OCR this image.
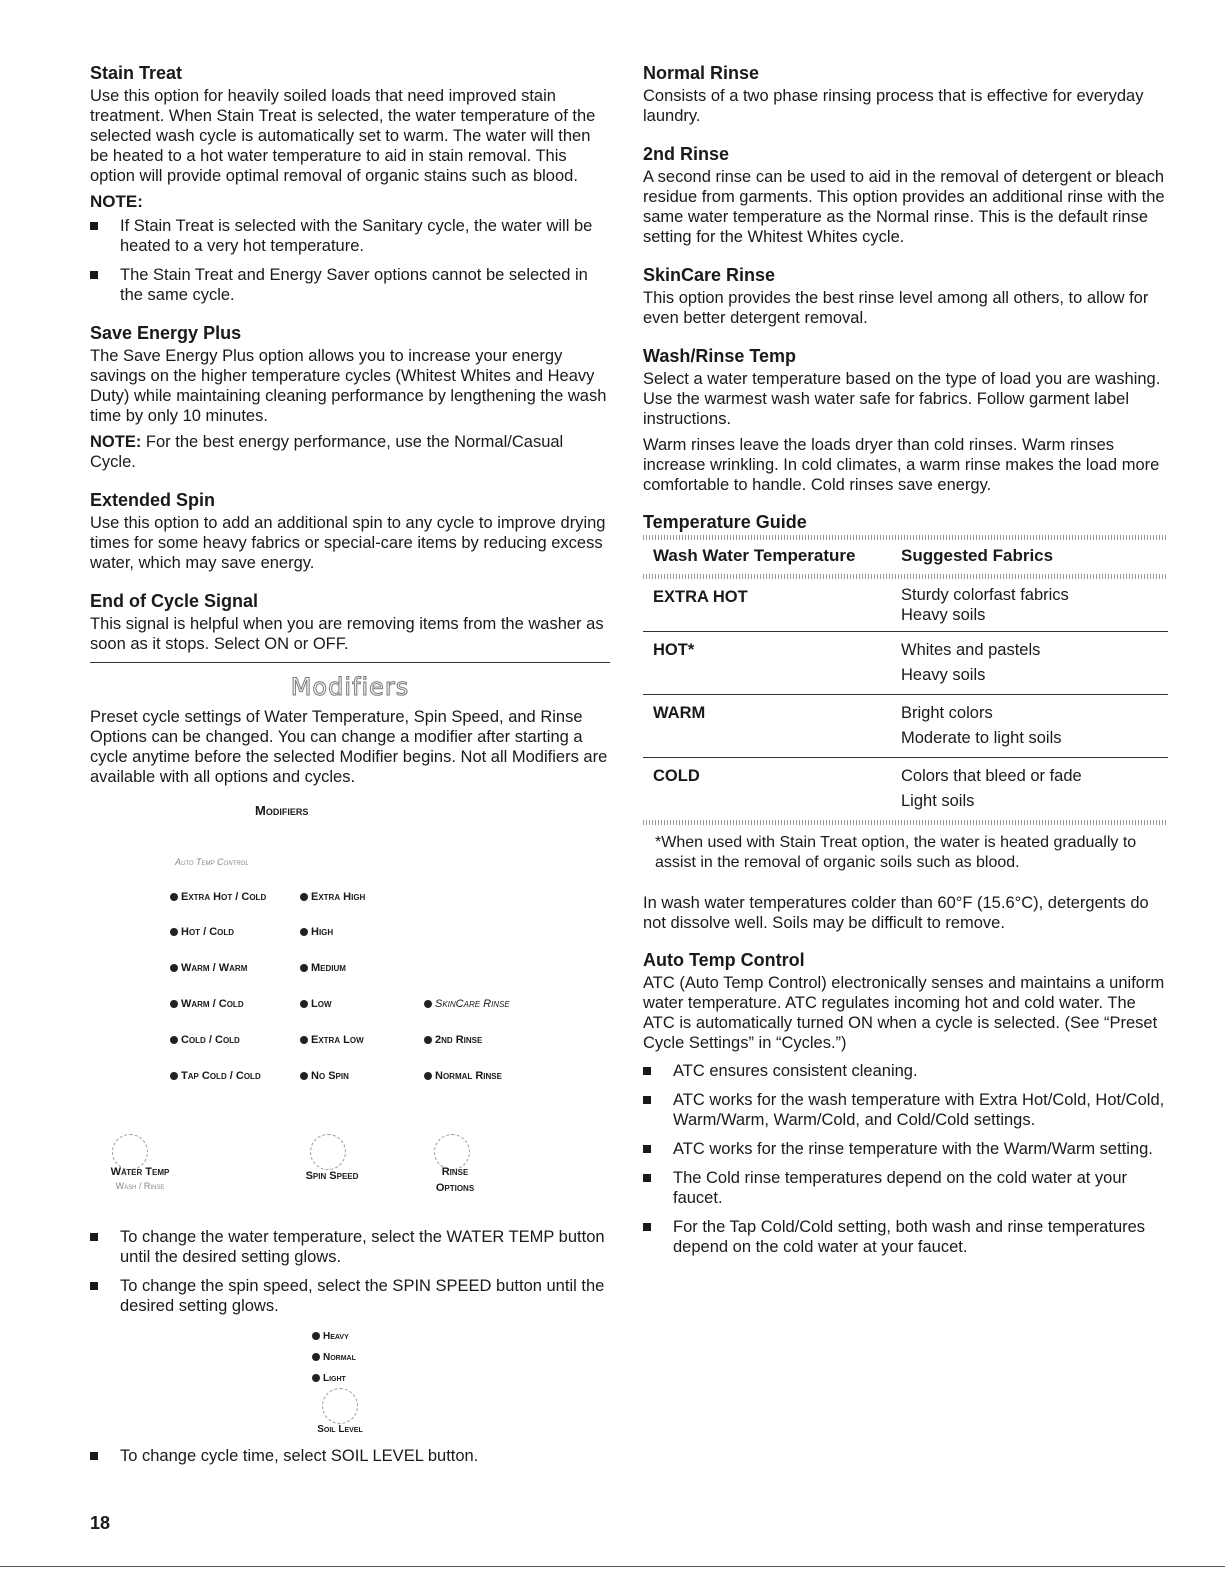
Stain Treat

Use this option for heavily soiled loads that need improved stain treatment. When Stain Treat is selected, the water temperature of the selected wash cycle is automatically set to warm. The water will then be heated to a hot water temperature to aid in stain removal. This option will provide optimal removal of organic stains such as blood.

NOTE:
If Stain Treat is selected with the Sanitary cycle, the water will be heated to a very hot temperature.
The Stain Treat and Energy Saver options cannot be selected in the same cycle.
Save Energy Plus

The Save Energy Plus option allows you to increase your energy savings on the higher temperature cycles (Whitest Whites and Heavy Duty) while maintaining cleaning performance by lengthening the wash time by only 10 minutes.

NOTE: For the best energy performance, use the Normal/Casual Cycle.

Extended Spin

Use this option to add an additional spin to any cycle to improve drying times for some heavy fabrics or special-care items by reducing excess water, which may save energy.

End of Cycle Signal

This signal is helpful when you are removing items from the washer as soon as it stops. Select ON or OFF.

Modifiers

Preset cycle settings of Water Temperature, Spin Speed, and Rinse Options can be changed. You can change a modifier after starting a cycle anytime before the selected Modifier begins. Not all Modifiers are available with all options and cycles.

Modifiers
Auto Temp Control
Extra Hot / Cold
Hot / Cold
Warm / Warm
Warm / Cold
Cold / Cold
Tap Cold / Cold
Extra High
High
Medium
Low
Extra Low
No Spin
SkinCare Rinse
2nd Rinse
Normal Rinse
Water Temp
Wash / Rinse
Spin Speed	Rinse
Options
To change the water temperature, select the WATER TEMP button until the desired setting glows.
To change the spin speed, select the SPIN SPEED button until the desired setting glows.
Heavy
Normal
Light
Soil Level
To change cycle time, select SOIL LEVEL button.
Normal Rinse

Consists of a two phase rinsing process that is effective for everyday laundry.

2nd Rinse

A second rinse can be used to aid in the removal of detergent or bleach residue from garments. This option provides an additional rinse with the same water temperature as the Normal rinse. This is the default rinse setting for the Whitest Whites cycle.

SkinCare Rinse

This option provides the best rinse level among all others, to allow for even better detergent removal.

Wash/Rinse Temp

Select a water temperature based on the type of load you are washing. Use the warmest wash water safe for fabrics. Follow garment label instructions.

Warm rinses leave the loads dryer than cold rinses. Warm rinses increase wrinkling. In cold climates, a warm rinse makes the load more comfortable to handle. Cold rinses save energy.

Temperature Guide
Wash Water Temperature	Suggested Fabrics

EXTRA HOT	Sturdy colorfast fabrics
Heavy soils

HOT*	Whites and pastels
Heavy soils

WARM	Bright colors
Moderate to light soils

COLD	Colors that bleed or fade
Light soils

*When used with Stain Treat option, the water is heated gradually to assist in the removal of organic soils such as blood.

In wash water temperatures colder than 60°F (15.6°C), detergents do not dissolve well. Soils may be difficult to remove.

Auto Temp Control

ATC (Auto Temp Control) electronically senses and maintains a uniform water temperature. ATC regulates incoming hot and cold water. The ATC is automatically turned ON when a cycle is selected. (See “Preset Cycle Settings” in “Cycles.”)

ATC ensures consistent cleaning.
ATC works for the wash temperature with Extra Hot/Cold, Hot/Cold, Warm/Warm, Warm/Cold, and Cold/Cold settings.
ATC works for the rinse temperature with the Warm/Warm setting.
The Cold rinse temperatures depend on the cold water at your faucet.
For the Tap Cold/Cold setting, both wash and rinse temperatures depend on the cold water at your faucet.
18
